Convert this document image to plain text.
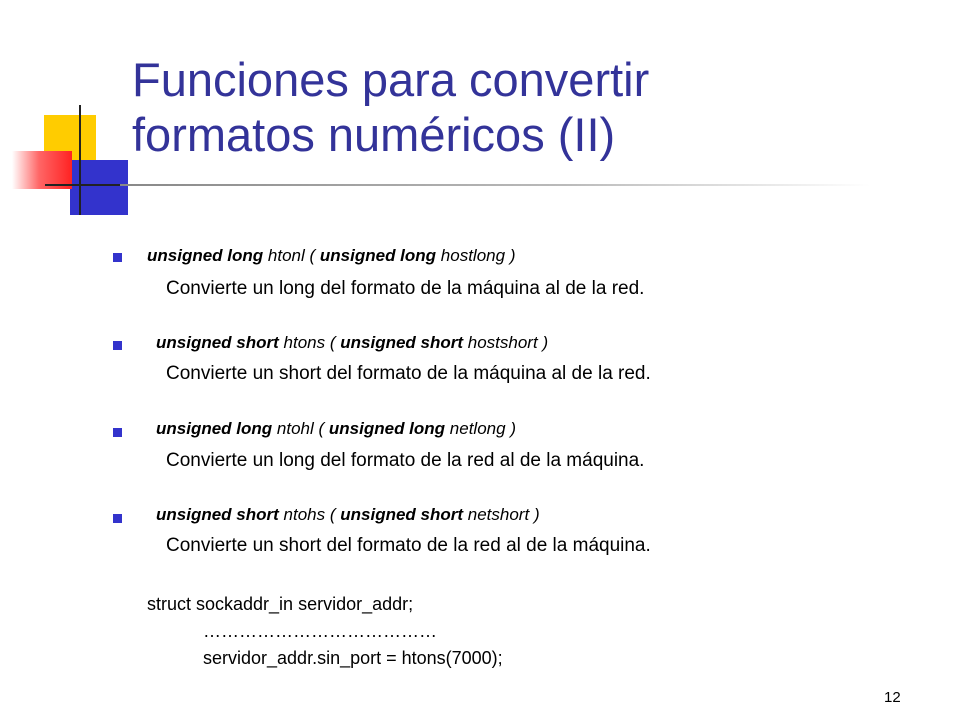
Funciones para convertir
formatos numéricos (II)
unsigned long htonl ( unsigned long hostlong )
Convierte un long del formato de la máquina al de la red.
unsigned short htons ( unsigned short hostshort )
Convierte un short del formato de la máquina al de la red.
unsigned long ntohl ( unsigned long netlong )
Convierte un long del formato de la red al de la máquina.
unsigned short ntohs ( unsigned short netshort )
Convierte un short del formato de la red al de la máquina.
struct sockaddr_in servidor_addr;
…………………………………
servidor_addr.sin_port = htons(7000);
12
